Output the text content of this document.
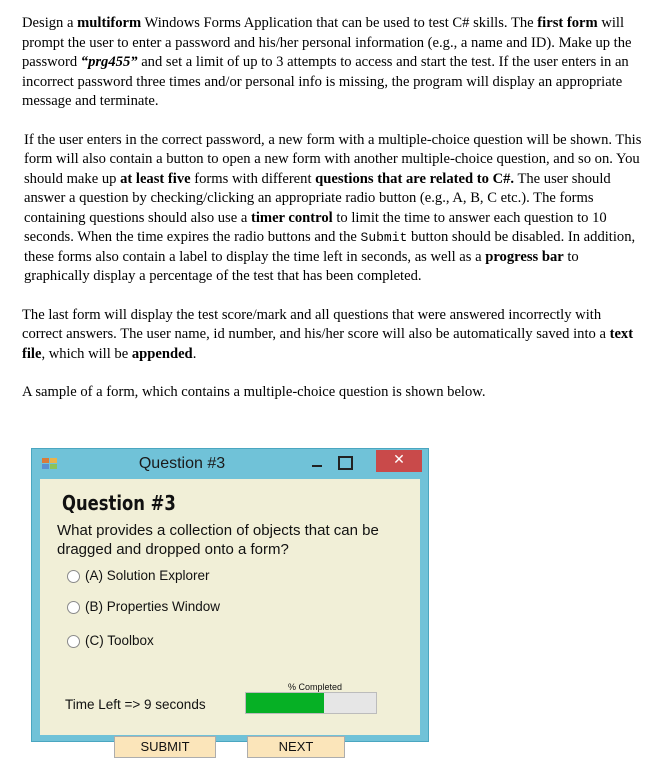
Design a multiform Windows Forms Application that can be used to test C# skills. The first form will prompt the user to enter a password and his/her personal information (e.g., a name and ID). Make up the password “prg455” and set a limit of up to 3 attempts to access and start the test. If the user enters in an incorrect password three times and/or personal info is missing, the program will display an appropriate message and terminate.

If the user enters in the correct password, a new form with a multiple-choice question will be shown. This form will also contain a button to open a new form with another multiple-choice question, and so on. You should make up at least five forms with different questions that are related to C#. The user should answer a question by checking/clicking an appropriate radio button (e.g., A, B, C etc.). The forms containing questions should also use a timer control to limit the time to answer each question to 10 seconds. When the time expires the radio buttons and the Submit button should be disabled. In addition, these forms also contain a label to display the time left in seconds, as well as a progress bar to graphically display a percentage of the test that has been completed.

The last form will display the test score/mark and all questions that were answered incorrectly with correct answers. The user name, id number, and his/her score will also be automatically saved into a text file, which will be appended.

A sample of a form, which contains a multiple-choice question is shown below.

Question #3	✕
Question #3
What provides a collection of objects that can be dragged and dropped onto a form?
(A) Solution Explorer
(B) Properties Window
(C) Toolbox
Time Left => 9 seconds
% Completed
SUBMIT	NEXT
